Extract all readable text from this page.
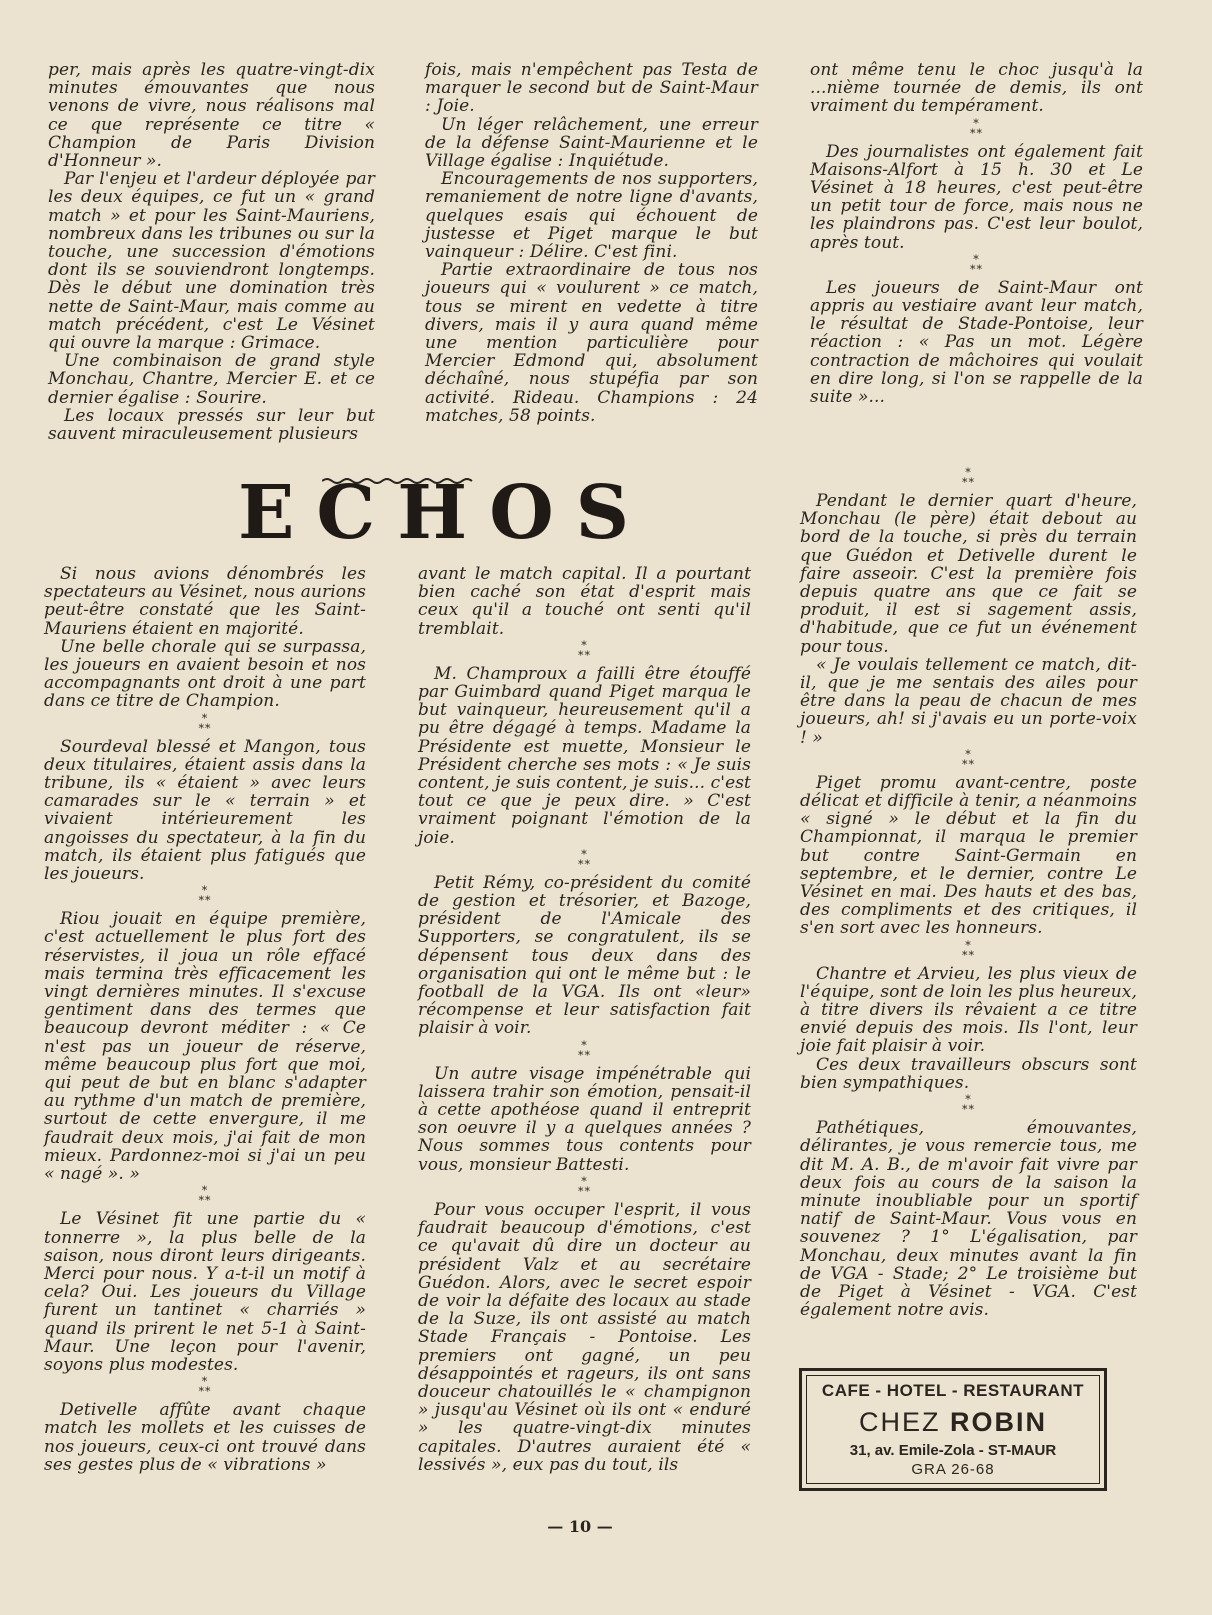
per, mais après les quatre-vingt-dix minutes émouvantes que nous venons de vivre, nous réalisons mal ce que représente ce titre « Champion de Paris Division d'Honneur ».

Par l'enjeu et l'ardeur déployée par les deux équipes, ce fut un « grand match » et pour les Saint-Mauriens, nombreux dans les tribunes ou sur la touche, une succession d'émotions dont ils se souviendront longtemps. Dès le début une domination très nette de Saint-Maur, mais comme au match précédent, c'est Le Vésinet qui ouvre la marque : Grimace.

Une combinaison de grand style Monchau, Chantre, Mercier E. et ce dernier égalise : Sourire.

Les locaux pressés sur leur but sauvent miraculeusement plusieurs

fois, mais n'empêchent pas Testa de marquer le second but de Saint-Maur : Joie.

Un léger relâchement, une erreur de la défense Saint-Maurienne et le Village égalise : Inquiétude.

Encouragements de nos supporters, remaniement de notre ligne d'avants, quelques esais qui échouent de justesse et Piget marque le but vainqueur : Délire. C'est fini.

Partie extraordinaire de tous nos joueurs qui « voulurent » ce match, tous se mirent en vedette à titre divers, mais il y aura quand même une mention particulière pour Mercier Edmond qui, absolument déchaîné, nous stupéfia par son activité. Rideau. Champions : 24 matches, 58 points.

ont même tenu le choc jusqu'à la ...nième tournée de demis, ils ont vraiment du tempérament.

*
**

Des journalistes ont également fait Maisons-Alfort à 15 h. 30 et Le Vésinet à 18 heures, c'est peut-être un petit tour de force, mais nous ne les plaindrons pas. C'est leur boulot, après tout.

*
**

Les joueurs de Saint-Maur ont appris au vestiaire avant leur match, le résultat de Stade-Pontoise, leur réaction : « Pas un mot. Légère contraction de mâchoires qui voulait en dire long, si l'on se rappelle de la suite »...

ECHOS

Si nous avions dénombrés les spectateurs au Vésinet, nous aurions peut-être constaté que les Saint-Mauriens étaient en majorité.

Une belle chorale qui se surpassa, les joueurs en avaient besoin et nos accompagnants ont droit à une part dans ce titre de Champion.

*
**

Sourdeval blessé et Mangon, tous deux titulaires, étaient assis dans la tribune, ils « étaient » avec leurs camarades sur le « terrain » et vivaient intérieurement les angoisses du spectateur, à la fin du match, ils étaient plus fatigués que les joueurs.

*
**

Riou jouait en équipe première, c'est actuellement le plus fort des réservistes, il joua un rôle effacé mais termina très efficacement les vingt dernières minutes. Il s'excuse gentiment dans des termes que beaucoup devront méditer : « Ce n'est pas un joueur de réserve, même beaucoup plus fort que moi, qui peut de but en blanc s'adapter au rythme d'un match de première, surtout de cette envergure, il me faudrait deux mois, j'ai fait de mon mieux. Pardonnez-moi si j'ai un peu « nagé ». »

*
**

Le Vésinet fit une partie du « tonnerre », la plus belle de la saison, nous diront leurs dirigeants. Merci pour nous. Y a-t-il un motif à cela? Oui. Les joueurs du Village furent un tantinet « charriés » quand ils prirent le net 5-1 à Saint-Maur. Une leçon pour l'avenir, soyons plus modestes.

*
**

Detivelle affûte avant chaque match les mollets et les cuisses de nos joueurs, ceux-ci ont trouvé dans ses gestes plus de « vibrations »

avant le match capital. Il a pourtant bien caché son état d'esprit mais ceux qu'il a touché ont senti qu'il tremblait.

*
**

M. Champroux a failli être étouffé par Guimbard quand Piget marqua le but vainqueur, heureusement qu'il a pu être dégagé à temps. Madame la Présidente est muette, Monsieur le Président cherche ses mots : « Je suis content, je suis content, je suis... c'est tout ce que je peux dire. » C'est vraiment poignant l'émotion de la joie.

*
**

Petit Rémy, co-président du comité de gestion et trésorier, et Bazoge, président de l'Amicale des Supporters, se congratulent, ils se dépensent tous deux dans des organisation qui ont le même but : le football de la VGA. Ils ont «leur» récompense et leur satisfaction fait plaisir à voir.

*
**

Un autre visage impénétrable qui laissera trahir son émotion, pensait-il à cette apothéose quand il entreprit son oeuvre il y a quelques années ? Nous sommes tous contents pour vous, monsieur Battesti.

*
**

Pour vous occuper l'esprit, il vous faudrait beaucoup d'émotions, c'est ce qu'avait dû dire un docteur au président Valz et au secrétaire Guédon. Alors, avec le secret espoir de voir la défaite des locaux au stade de la Suze, ils ont assisté au match Stade Français - Pontoise. Les premiers ont gagné, un peu désappointés et rageurs, ils ont sans douceur chatouillés le « champignon » jusqu'au Vésinet où ils ont « enduré » les quatre-vingt-dix minutes capitales. D'autres auraient été « lessivés », eux pas du tout, ils

*
**

Pendant le dernier quart d'heure, Monchau (le père) était debout au bord de la touche, si près du terrain que Guédon et Detivelle durent le faire asseoir. C'est la première fois depuis quatre ans que ce fait se produit, il est si sagement assis, d'habitude, que ce fut un événement pour tous.

« Je voulais tellement ce match, dit-il, que je me sentais des ailes pour être dans la peau de chacun de mes joueurs, ah! si j'avais eu un porte-voix ! »

*
**

Piget promu avant-centre, poste délicat et difficile à tenir, a néanmoins « signé » le début et la fin du Championnat, il marqua le premier but contre Saint-Germain en septembre, et le dernier, contre Le Vésinet en mai. Des hauts et des bas, des compliments et des critiques, il s'en sort avec les honneurs.

*
**

Chantre et Arvieu, les plus vieux de l'équipe, sont de loin les plus heureux, à titre divers ils rêvaient a ce titre envié depuis des mois. Ils l'ont, leur joie fait plaisir à voir.

Ces deux travailleurs obscurs sont bien sympathiques.

*
**

Pathétiques, émouvantes, délirantes, je vous remercie tous, me dit M. A. B., de m'avoir fait vivre par deux fois au cours de la saison la minute inoubliable pour un sportif natif de Saint-Maur. Vous vous en souvenez ? 1° L'égalisation, par Monchau, deux minutes avant la fin de VGA - Stade; 2° Le troisième but de Piget à Vésinet - VGA. C'est également notre avis.

CAFE - HOTEL - RESTAURANT
CHEZ ROBIN
31, av. Emile-Zola - ST-MAUR
GRA 26-68
— 10 —
